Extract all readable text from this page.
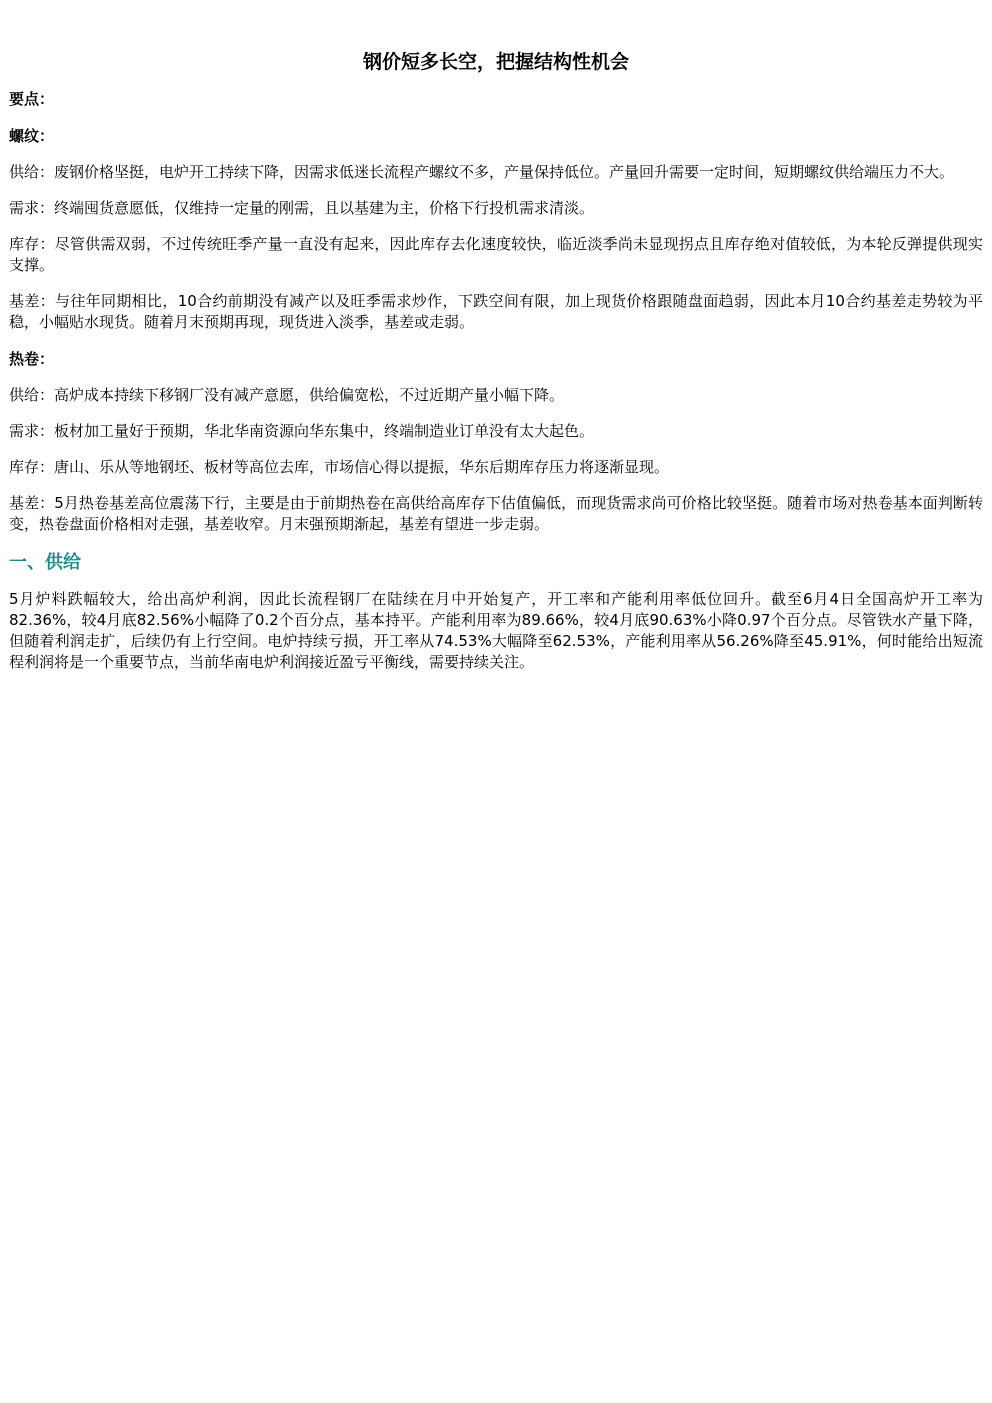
钢价短多长空，把握结构性机会
要点：
螺纹：

供给：废钢价格坚挺，电炉开工持续下降，因需求低迷长流程产螺纹不多，产量保持低位。产量回升需要一定时间，短期螺纹供给端压力不大。

需求：终端囤货意愿低，仅维持一定量的刚需，且以基建为主，价格下行投机需求清淡。

库存：尽管供需双弱，不过传统旺季产量一直没有起来，因此库存去化速度较快，临近淡季尚未显现拐点且库存绝对值较低，为本轮反弹提供现实支撑。

基差：与往年同期相比，10合约前期没有减产以及旺季需求炒作，下跌空间有限，加上现货价格跟随盘面趋弱，因此本月10合约基差走势较为平稳，小幅贴水现货。随着月末预期再现，现货进入淡季，基差或走弱。

热卷：

供给：高炉成本持续下移钢厂没有减产意愿，供给偏宽松，不过近期产量小幅下降。

需求：板材加工量好于预期，华北华南资源向华东集中，终端制造业订单没有太大起色。

库存：唐山、乐从等地钢坯、板材等高位去库，市场信心得以提振，华东后期库存压力将逐渐显现。

基差：5月热卷基差高位震荡下行，主要是由于前期热卷在高供给高库存下估值偏低，而现货需求尚可价格比较坚挺。随着市场对热卷基本面判断转变，热卷盘面价格相对走强，基差收窄。月末强预期渐起，基差有望进一步走弱。

一、供给

5月炉料跌幅较大，给出高炉利润，因此长流程钢厂在陆续在月中开始复产，开工率和产能利用率低位回升。截至6月4日全国高炉开工率为82.36%，较4月底82.56%小幅降了0.2个百分点，基本持平。产能利用率为89.66%，较4月底90.63%小降0.97个百分点。尽管铁水产量下降，但随着利润走扩，后续仍有上行空间。电炉持续亏损，开工率从74.53%大幅降至62.53%，产能利用率从56.26%降至45.91%，何时能给出短流程利润将是一个重要节点，当前华南电炉利润接近盈亏平衡线，需要持续关注。
